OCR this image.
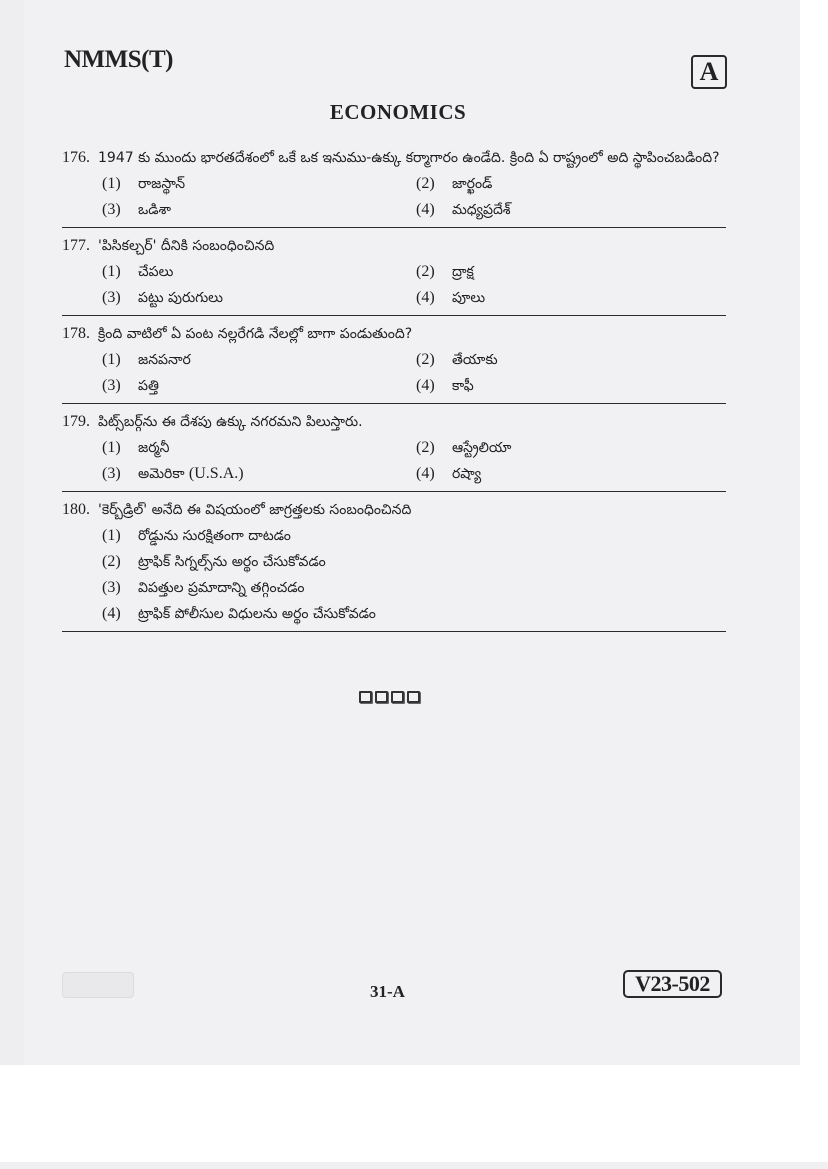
NMMS(T)	A
ECONOMICS
176. 1947 కు ముందు భారతదేశంలో ఒకే ఒక ఇనుము-ఉక్కు కర్మాగారం ఉండేది. క్రింది ఏ రాష్ట్రంలో అది స్థాపించబడింది?
(1)	రాజస్థాన్	(2)	జార్ఖండ్
(3)	ఒడిశా	(4)	మధ్యప్రదేశ్
177. 'పిసికల్చర్' దీనికి సంబంధించినది
(1)	చేపలు	(2)	ద్రాక్ష
(3)	పట్టు పురుగులు	(4)	పూలు
178. క్రింది వాటిలో ఏ పంట నల్లరేగడి నేలల్లో బాగా పండుతుంది?
(1)	జనపనార	(2)	తేయాకు
(3)	పత్తి	(4)	కాఫీ
179. పిట్స్‌బర్గ్‌ను ఈ దేశపు ఉక్కు నగరమని పిలుస్తారు.
(1)	జర్మనీ	(2)	ఆస్ట్రేలియా
(3)	అమెరికా (U.S.A.)	(4)	రష్యా
180. 'కెర్బ్‌డ్రిల్' అనేది ఈ విషయంలో జాగ్రత్తలకు సంబంధించినది
(1)	రోడ్డును సురక్షితంగా దాటడం
(2)	ట్రాఫిక్ సిగ్నల్స్‌ను అర్థం చేసుకోవడం
(3)	విపత్తుల ప్రమాదాన్ని తగ్గించడం
(4)	ట్రాఫిక్ పోలీసుల విధులను అర్థం చేసుకోవడం
31-A	V23-502
